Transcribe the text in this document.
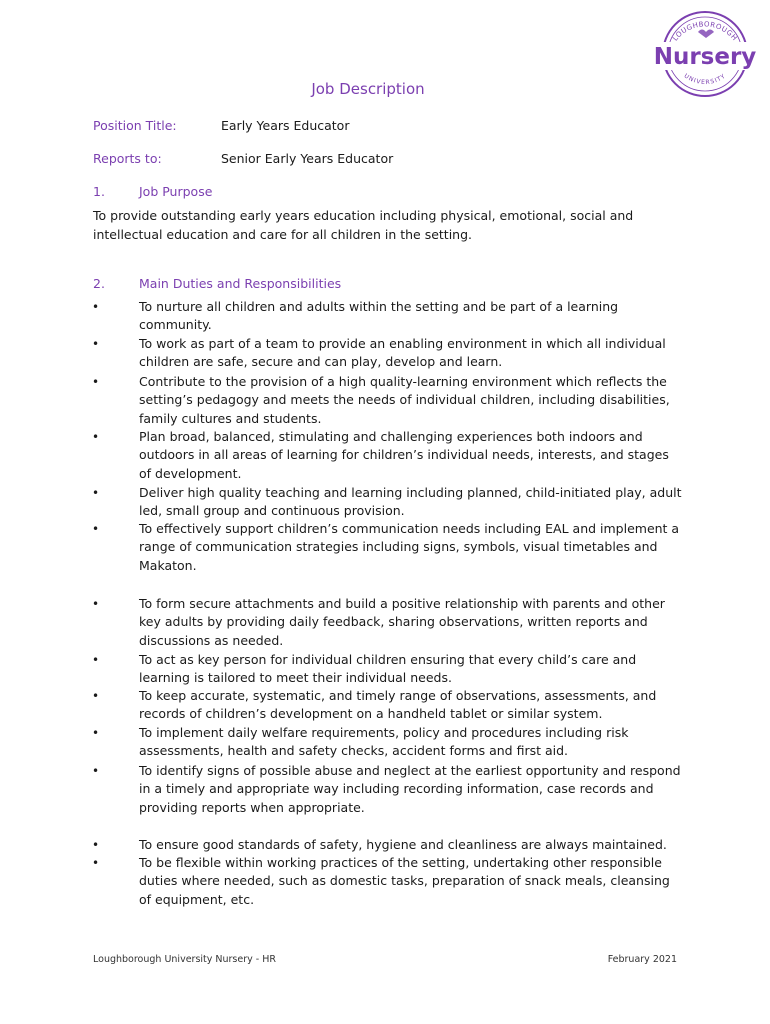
LOUGHBOROUGH
UNIVERSITY
Nursery
Job Description
Position Title:	Early Years Educator
Reports to:	Senior Early Years Educator
1.	Job Purpose
To provide outstanding early years education including physical, emotional, social and intellectual education and care for all children in the setting.
2.	Main Duties and Responsibilities
•	To nurture all children and adults within the setting and be part of a learning community.
•	To work as part of a team to provide an enabling environment in which all individual children are safe, secure and can play, develop and learn.
•	Contribute to the provision of a high quality-learning environment which reflects the setting’s pedagogy and meets the needs of individual children, including disabilities, family cultures and students.
•	Plan broad, balanced, stimulating and challenging experiences both indoors and outdoors in all areas of learning for children’s individual needs, interests, and stages of development.
•	Deliver high quality teaching and learning including planned, child-initiated play, adult led, small group and continuous provision.
•	To effectively support children’s communication needs including EAL and implement a range of communication strategies including signs, symbols, visual timetables and Makaton.
•	To form secure attachments and build a positive relationship with parents and other key adults by providing daily feedback, sharing observations, written reports and discussions as needed.
•	To act as key person for individual children ensuring that every child’s care and learning is tailored to meet their individual needs.
•	To keep accurate, systematic, and timely range of observations, assessments, and records of children’s development on a handheld tablet or similar system.
•	To implement daily welfare requirements, policy and procedures including risk assessments, health and safety checks, accident forms and first aid.
•	To identify signs of possible abuse and neglect at the earliest opportunity and respond in a timely and appropriate way including recording information, case records and providing reports when appropriate.
•	To ensure good standards of safety, hygiene and cleanliness are always maintained.
•	To be flexible within working practices of the setting, undertaking other responsible duties where needed, such as domestic tasks, preparation of snack meals, cleansing of equipment, etc.
Loughborough University Nursery - HR	February 2021
